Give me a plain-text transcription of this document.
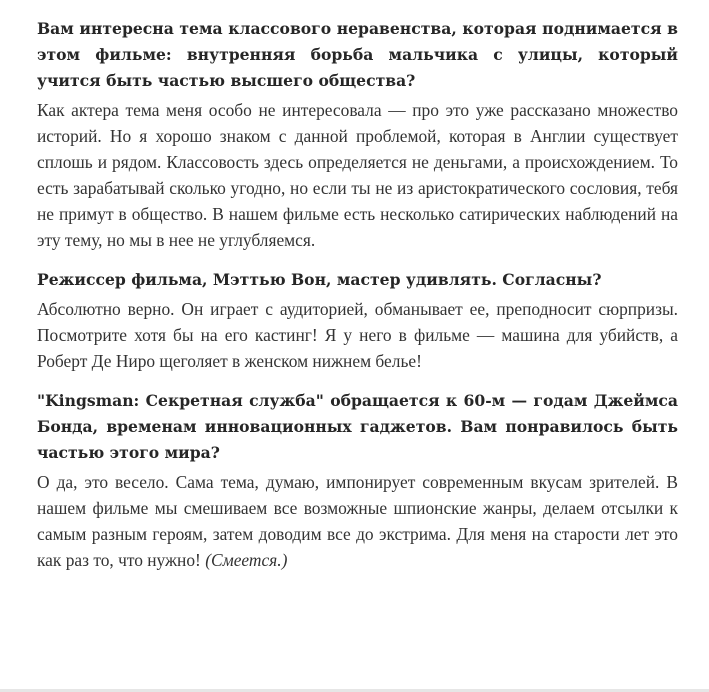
Вам интересна тема классового неравенства, которая поднимается в этом фильме: внутренняя борьба мальчика с улицы, который учится быть частью высшего общества?

Как актера тема меня особо не интересовала — про это уже рассказано множество историй. Но я хорошо знаком с данной проблемой, которая в Англии существует сплошь и рядом. Классовость здесь определяется не деньгами, а происхождением. То есть зарабатывай сколько угодно, но если ты не из аристократического сословия, тебя не примут в общество. В нашем фильме есть несколько сатирических наблюдений на эту тему, но мы в нее не углубляемся.

Режиссер фильма, Мэттью Вон, мастер удивлять. Согласны?

Абсолютно верно. Он играет с аудиторией, обманывает ее, преподносит сюрпризы. Посмотрите хотя бы на его кастинг! Я у него в фильме — машина для убийств, а Роберт Де Ниро щеголяет в женском нижнем белье!

"Kingsman: Секретная служба" обращается к 60-м — годам Джеймса Бонда, временам инновационных гаджетов. Вам понравилось быть частью этого мира?

О да, это весело. Сама тема, думаю, импонирует современным вкусам зрителей. В нашем фильме мы смешиваем все возможные шпионские жанры, делаем отсылки к самым разным героям, затем доводим все до экстрима. Для меня на старости лет это как раз то, что нужно! (Смеется.)
